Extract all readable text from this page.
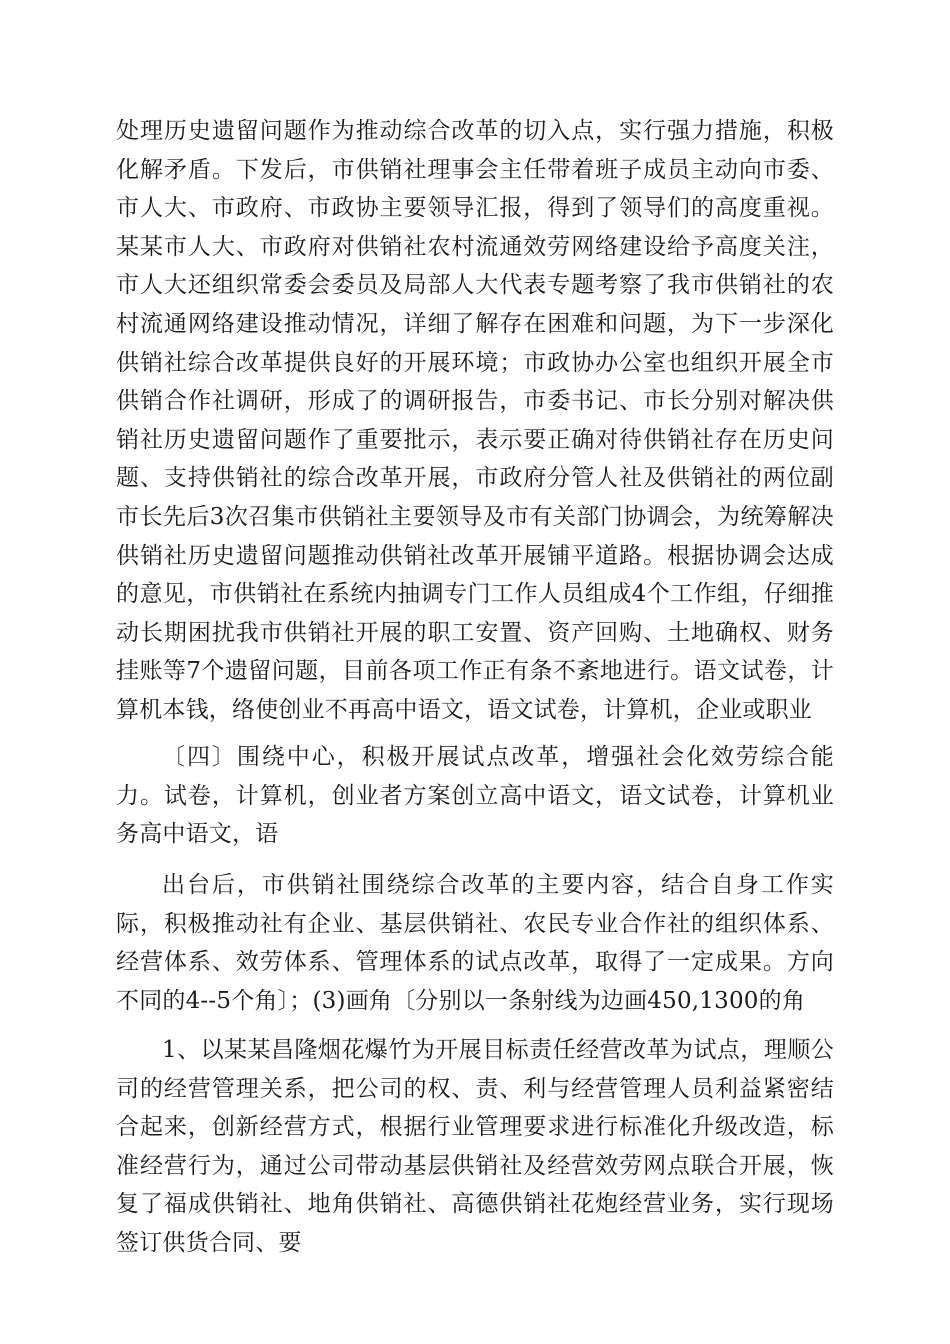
处理历史遗留问题作为推动综合改革的切入点，实行强力措施，积极化解矛盾。下发后，市供销社理事会主任带着班子成员主动向市委、市人大、市政府、市政协主要领导汇报，得到了领导们的高度重视。某某市人大、市政府对供销社农村流通效劳网络建设给予高度关注，市人大还组织常委会委员及局部人大代表专题考察了我市供销社的农村流通网络建设推动情况，详细了解存在困难和问题，为下一步深化供销社综合改革提供良好的开展环境；市政协办公室也组织开展全市供销合作社调研，形成了的调研报告，市委书记、市长分别对解决供销社历史遗留问题作了重要批示，表示要正确对待供销社存在历史问题、支持供销社的综合改革开展，市政府分管人社及供销社的两位副市长先后3次召集市供销社主要领导及市有关部门协调会，为统筹解决供销社历史遗留问题推动供销社改革开展铺平道路。根据协调会达成的意见，市供销社在系统内抽调专门工作人员组成4个工作组，仔细推动长期困扰我市供销社开展的职工安置、资产回购、土地确权、财务挂账等7个遗留问题，目前各项工作正有条不紊地进行。语文试卷，计算机本钱，络使创业不再高中语文，语文试卷，计算机，企业或职业
〔四〕围绕中心，积极开展试点改革，增强社会化效劳综合能力。试卷，计算机，创业者方案创立高中语文，语文试卷，计算机业务高中语文，语
出台后，市供销社围绕综合改革的主要内容，结合自身工作实际，积极推动社有企业、基层供销社、农民专业合作社的组织体系、经营体系、效劳体系、管理体系的试点改革，取得了一定成果。方向不同的4--5个角〕；(3)画角〔分别以一条射线为边画450,1300的角
1、以某某昌隆烟花爆竹为开展目标责任经营改革为试点，理顺公司的经营管理关系，把公司的权、责、利与经营管理人员利益紧密结合起来，创新经营方式，根据行业管理要求进行标准化升级改造，标准经营行为，通过公司带动基层供销社及经营效劳网点联合开展，恢复了福成供销社、地角供销社、高德供销社花炮经营业务，实行现场签订供货合同、要
